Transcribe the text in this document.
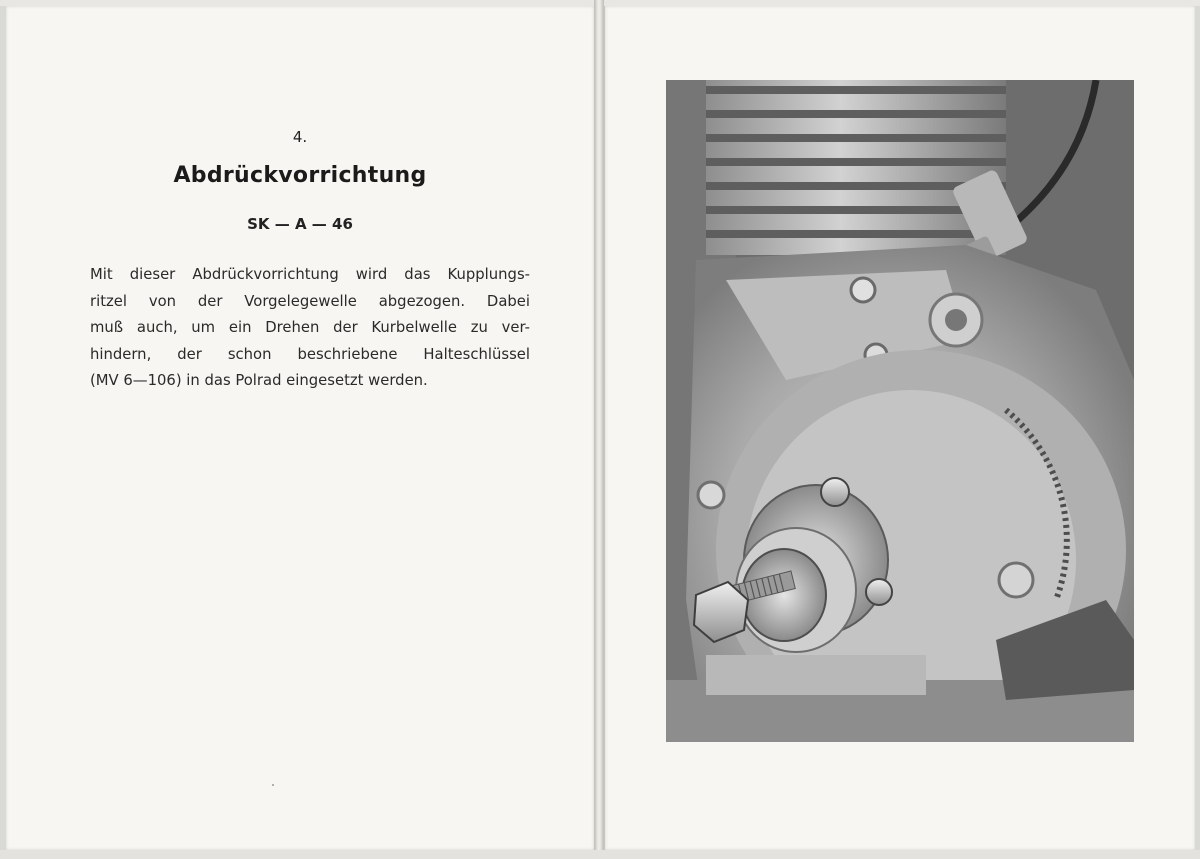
4.
Abdrückvorrichtung
SK — A — 46
Mit dieser Abdrückvorrichtung wird das Kupplungs-
ritzel von der Vorgelegewelle abgezogen. Dabei
muß auch, um ein Drehen der Kurbelwelle zu ver-
hindern, der schon beschriebene Halteschlüssel
(MV 6—106) in das Polrad eingesetzt werden.
